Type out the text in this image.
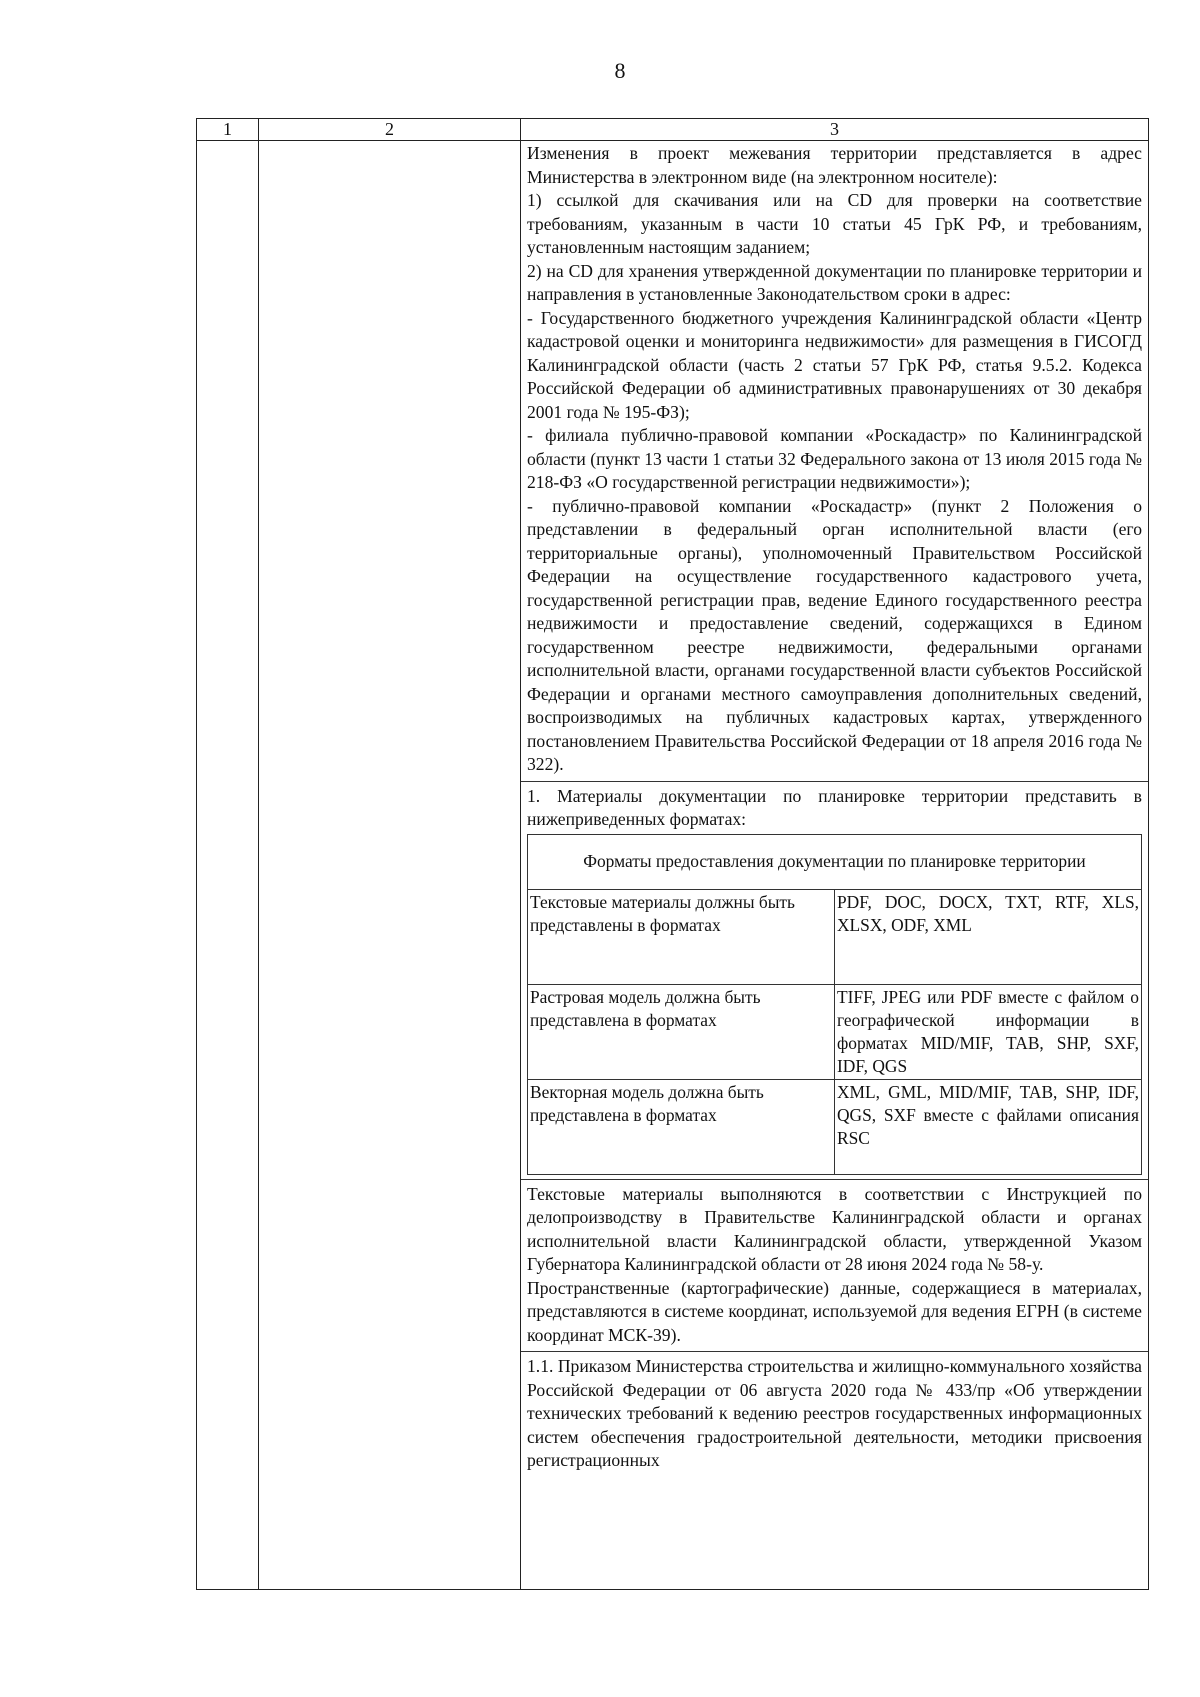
8
1	2	3

Изменения в проект межевания территории представляется в адрес Министерства в электронном виде (на электронном носителе):

1) ссылкой для скачивания или на CD для проверки на соответствие требованиям, указанным в части 10 статьи 45 ГрК РФ, и требованиям, установленным настоящим заданием;

2) на CD для хранения утвержденной документации по планировке территории и направления в установленные Законодательством сроки в адрес:

- Государственного бюджетного учреждения Калининградской области «Центр кадастровой оценки и мониторинга недвижимости» для размещения в ГИСОГД Калининградской области (часть 2 статьи 57 ГрК РФ, статья 9.5.2. Кодекса Российской Федерации об административных правонарушениях от 30 декабря 2001 года № 195-ФЗ);

- филиала публично-правовой компании «Роскадастр» по Калининградской области (пункт 13 части 1 статьи 32 Федерального закона от 13 июля 2015 года № 218-ФЗ «О государственной регистрации недвижимости»);

- публично-правовой компании «Роскадастр» (пункт 2 Положения о представлении в федеральный орган исполнительной власти (его территориальные органы), уполномоченный Правительством Российской Федерации на осуществление государственного кадастрового учета, государственной регистрации прав, ведение Единого государственного реестра недвижимости и предоставление сведений, содержащихся в Едином государственном реестре недвижимости, федеральными органами исполнительной власти, органами государственной власти субъектов Российской Федерации и органами местного самоуправления дополнительных сведений, воспроизводимых на публичных кадастровых картах, утвержденного постановлением Правительства Российской Федерации от 18 апреля 2016 года № 322).

1. Материалы документации по планировке территории представить в нижеприведенных форматах:

Форматы предоставления документации по планировке территории
Текстовые материалы должны быть представлены в форматах	PDF, DOC, DOCX, TXT, RTF, XLS, XLSX, ODF, XML
Растровая модель должна быть представлена в форматах	TIFF, JPEG или PDF вместе с файлом о географической информации в форматах MID/MIF, TAB, SHP, SXF, IDF, QGS
Векторная модель должна быть представлена в форматах	XML, GML, MID/MIF, TAB, SHP, IDF, QGS, SXF вместе с файлами описания RSC

Текстовые материалы выполняются в соответствии с Инструкцией по делопроизводству в Правительстве Калининградской области и органах исполнительной власти Калининградской области, утвержденной Указом Губернатора Калининградской области от 28 июня 2024 года № 58-у.

Пространственные (картографические) данные, содержащиеся в материалах, представляются в системе координат, используемой для ведения ЕГРН (в системе координат МСК-39).

1.1. Приказом Министерства строительства и жилищно-коммунального хозяйства Российской Федерации от 06 августа 2020 года № 433/пр «Об утверждении технических требований к ведению реестров государственных информационных систем обеспечения градостроительной деятельности, методики присвоения регистрационных
